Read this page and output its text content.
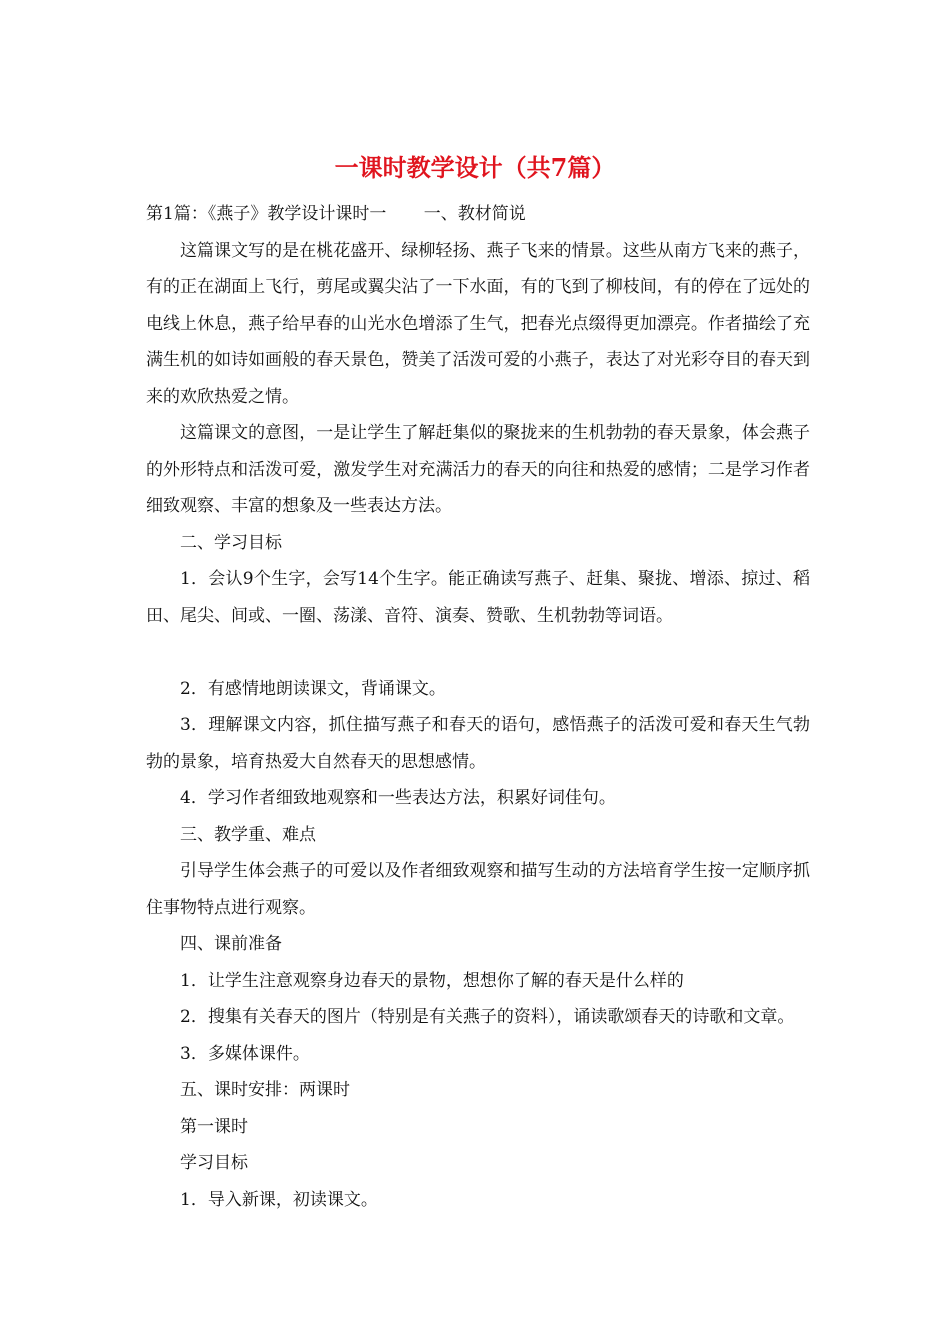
一课时教学设计（共7篇）

第1篇：《燕子》教学设计课时一 一、教材简说

这篇课文写的是在桃花盛开、绿柳轻扬、燕子飞来的情景。这些从南方飞来的燕子，有的正在湖面上飞行，剪尾或翼尖沾了一下水面，有的飞到了柳枝间，有的停在了远处的电线上休息，燕子给早春的山光水色增添了生气，把春光点缀得更加漂亮。作者描绘了充满生机的如诗如画般的春天景色，赞美了活泼可爱的小燕子，表达了对光彩夺目的春天到来的欢欣热爱之情。

这篇课文的意图，一是让学生了解赶集似的聚拢来的生机勃勃的春天景象，体会燕子的外形特点和活泼可爱，激发学生对充满活力的春天的向往和热爱的感情；二是学习作者细致观察、丰富的想象及一些表达方法。

二、学习目标

1．会认9个生字，会写14个生字。能正确读写燕子、赶集、聚拢、增添、掠过、稻田、尾尖、间或、一圈、荡漾、音符、演奏、赞歌、生机勃勃等词语。

2．有感情地朗读课文，背诵课文。

3．理解课文内容，抓住描写燕子和春天的语句，感悟燕子的活泼可爱和春天生气勃勃的景象，培育热爱大自然春天的思想感情。

4．学习作者细致地观察和一些表达方法，积累好词佳句。

三、教学重、难点

引导学生体会燕子的可爱以及作者细致观察和描写生动的方法培育学生按一定顺序抓住事物特点进行观察。

四、课前准备

1．让学生注意观察身边春天的景物，想想你了解的春天是什么样的

2．搜集有关春天的图片（特别是有关燕子的资料），诵读歌颂春天的诗歌和文章。

3．多媒体课件。

五、课时安排：两课时

第一课时

学习目标

1．导入新课，初读课文。
